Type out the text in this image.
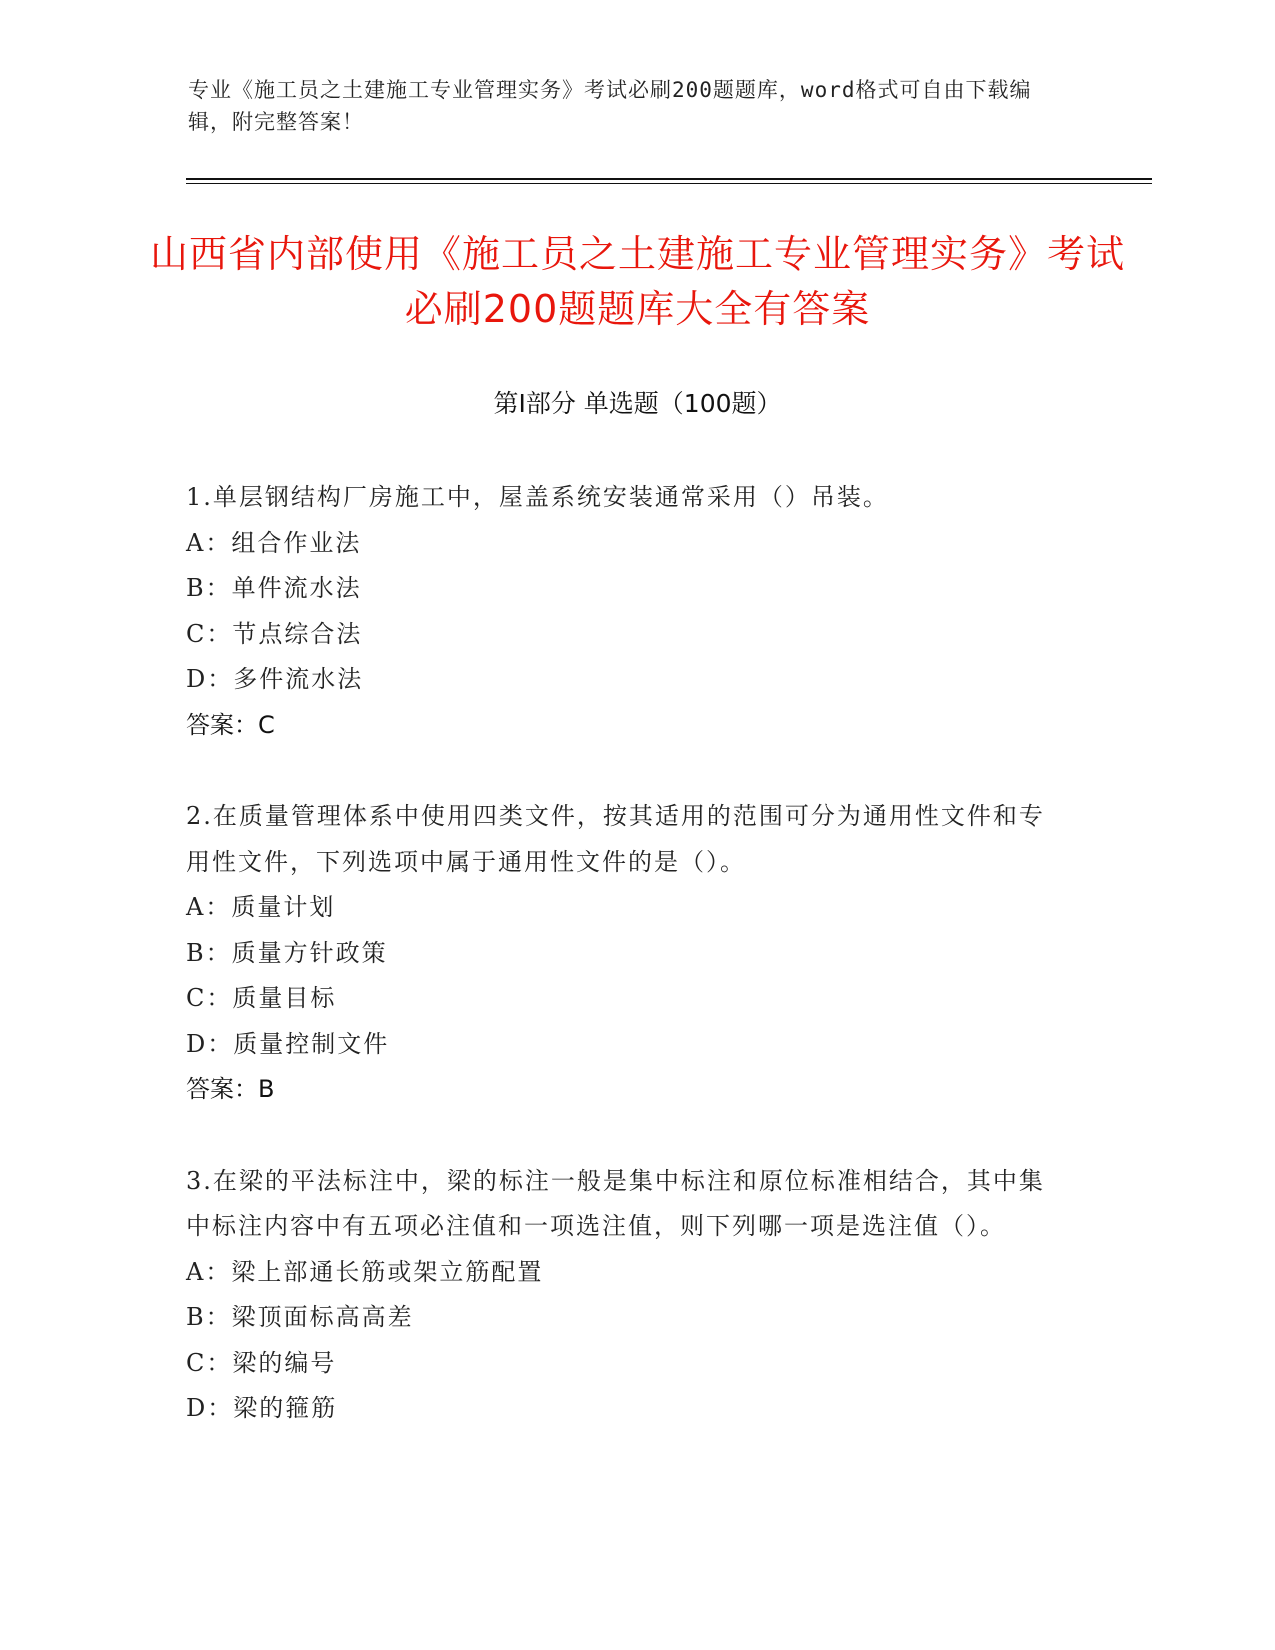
专业《施工员之土建施工专业管理实务》考试必刷200题题库，word格式可自由下载编辑，附完整答案！
山西省内部使用《施工员之土建施工专业管理实务》考试必刷200题题库大全有答案
第I部分 单选题（100题）
1.单层钢结构厂房施工中，屋盖系统安装通常采用（）吊装。
A：组合作业法
B：单件流水法
C：节点综合法
D：多件流水法
答案：C
2.在质量管理体系中使用四类文件，按其适用的范围可分为通用性文件和专用性文件，下列选项中属于通用性文件的是（）。
A：质量计划
B：质量方针政策
C：质量目标
D：质量控制文件
答案：B
3.在梁的平法标注中，梁的标注一般是集中标注和原位标准相结合，其中集中标注内容中有五项必注值和一项选注值，则下列哪一项是选注值（）。
A：梁上部通长筋或架立筋配置
B：梁顶面标高高差
C：梁的编号
D：梁的箍筋
